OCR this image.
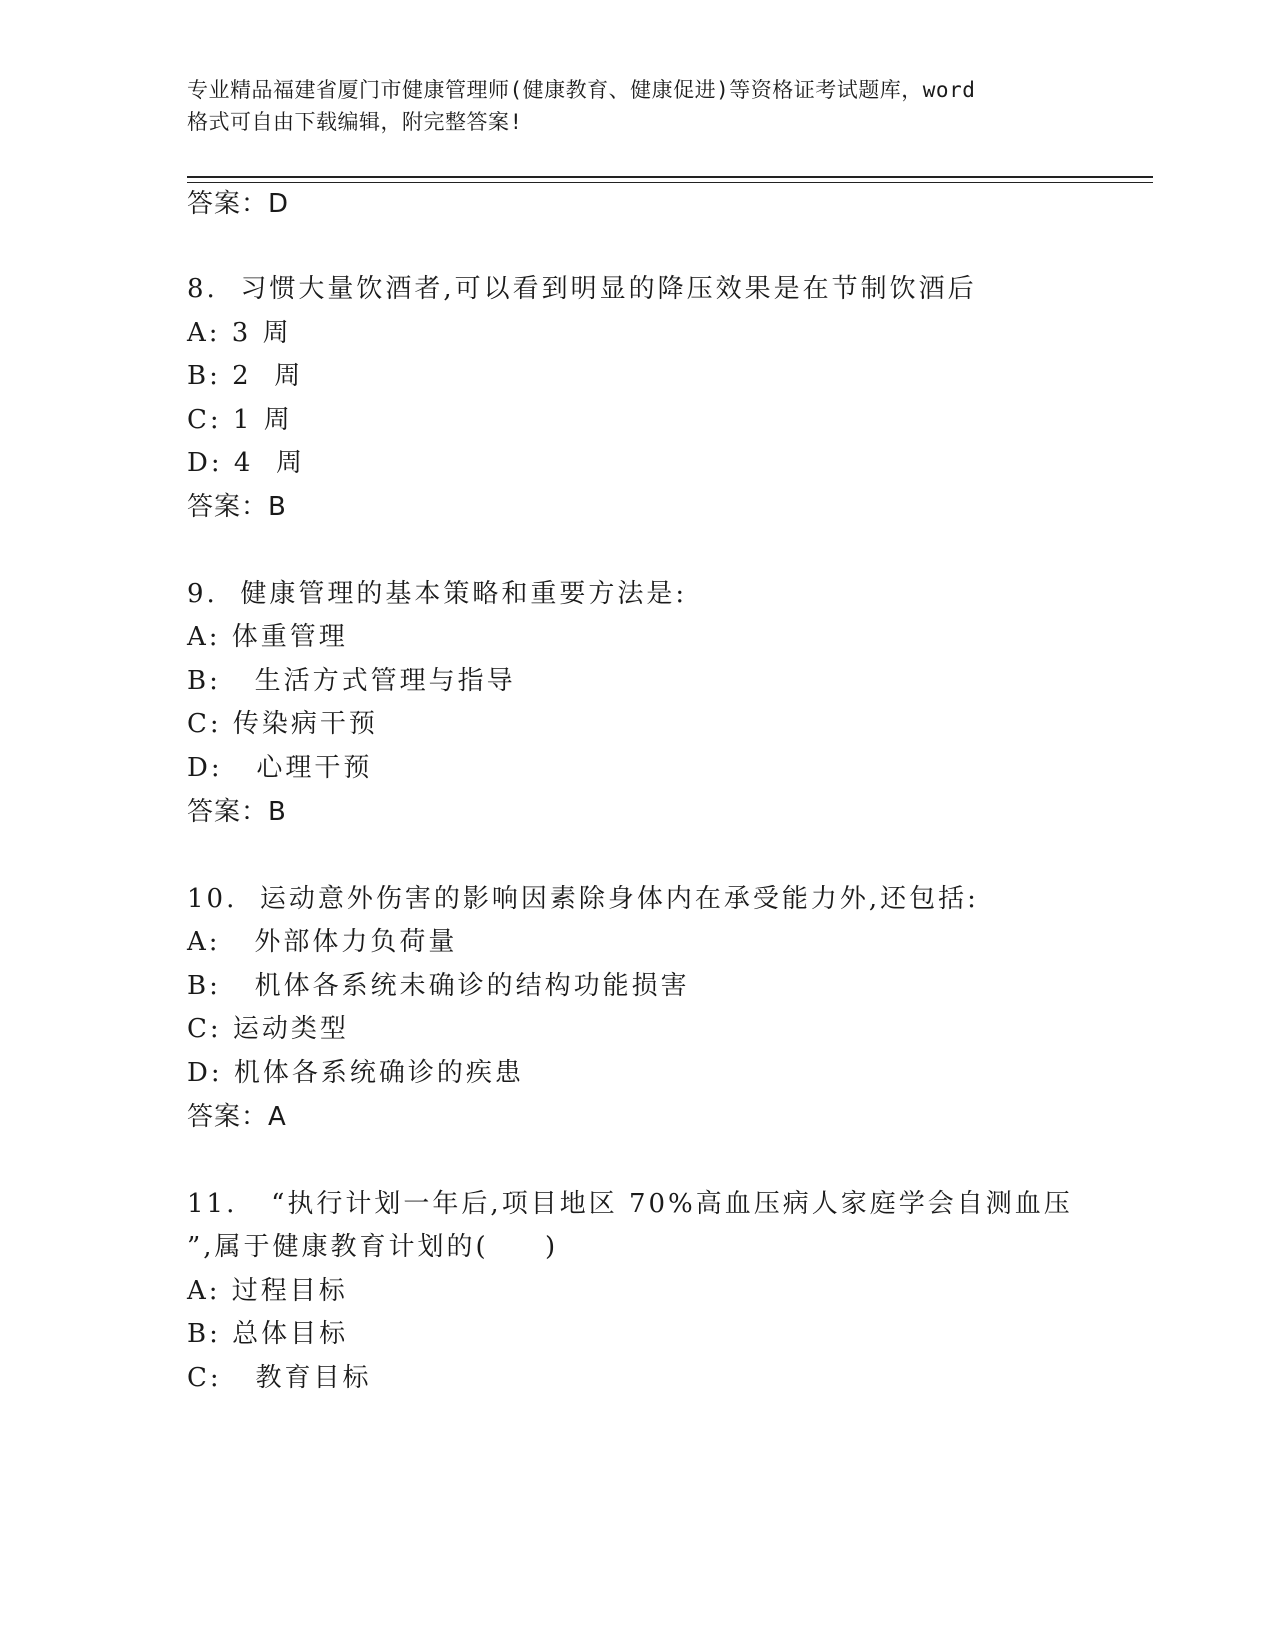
专业精品福建省厦门市健康管理师(健康教育、健康促进)等资格证考试题库，word
格式可自由下载编辑，附完整答案!
答案：D
8.  习惯大量饮酒者,可以看到明显的降压效果是在节制饮酒后
A: 3 周
B: 2  周
C: 1 周
D: 4  周
答案：B
9.  健康管理的基本策略和重要方法是:
A: 体重管理
B:   生活方式管理与指导
C: 传染病干预
D:   心理干预
答案：B
10.  运动意外伤害的影响因素除身体内在承受能力外,还包括:
A:   外部体力负荷量
B:   机体各系统未确诊的结构功能损害
C: 运动类型
D: 机体各系统确诊的疾患
答案：A
11.   “执行计划一年后,项目地区 70%高血压病人家庭学会自测血压
”,属于健康教育计划的(     )
A: 过程目标
B: 总体目标
C:   教育目标
